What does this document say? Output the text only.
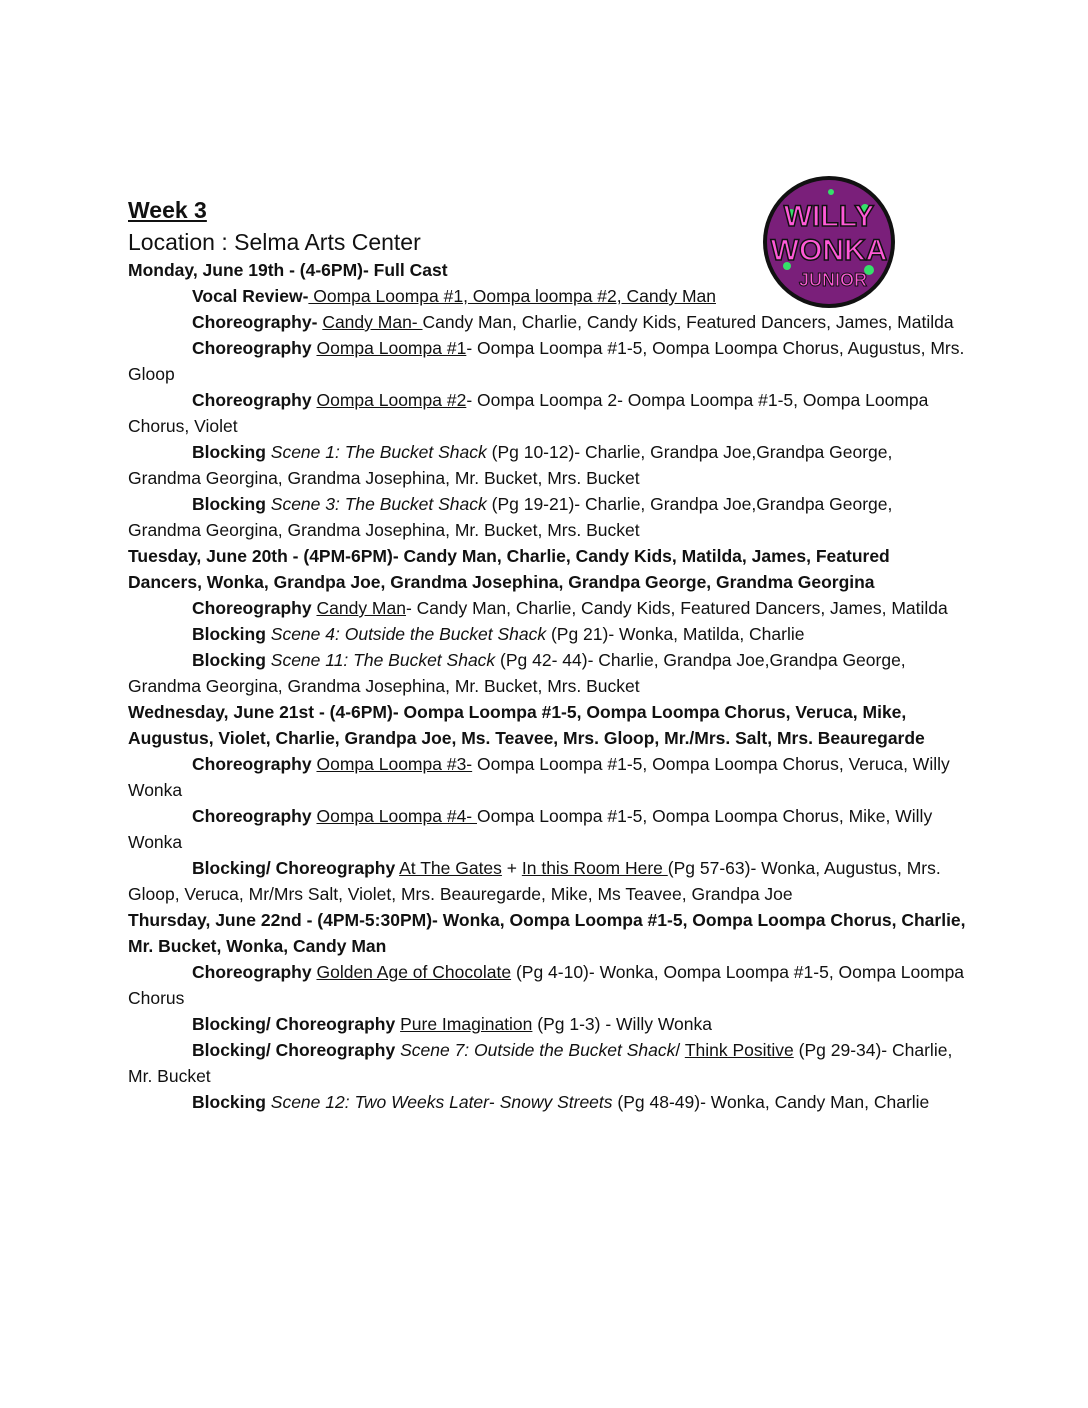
WILLY
WONKA
JUNIOR
Week 3
Location : Selma Arts Center
Monday, June 19th - (4-6PM)- Full Cast
Vocal Review- Oompa Loompa #1, Oompa loompa #2, Candy Man
Choreography- Candy Man- Candy Man, Charlie, Candy Kids, Featured Dancers, James, Matilda
Choreography Oompa Loompa #1- Oompa Loompa #1-5, Oompa Loompa Chorus, Augustus, Mrs. Gloop
Choreography Oompa Loompa #2- Oompa Loompa 2- Oompa Loompa #1-5, Oompa Loompa Chorus, Violet
Blocking Scene 1: The Bucket Shack (Pg 10-12)- Charlie, Grandpa Joe,Grandpa George, Grandma Georgina, Grandma Josephina, Mr. Bucket, Mrs. Bucket
Blocking Scene 3: The Bucket Shack (Pg 19-21)- Charlie, Grandpa Joe,Grandpa George, Grandma Georgina, Grandma Josephina, Mr. Bucket, Mrs. Bucket
Tuesday, June 20th - (4PM-6PM)- Candy Man, Charlie, Candy Kids, Matilda, James, Featured Dancers, Wonka, Grandpa Joe, Grandma Josephina, Grandpa George, Grandma Georgina
Choreography Candy Man- Candy Man, Charlie, Candy Kids, Featured Dancers, James, Matilda
Blocking Scene 4: Outside the Bucket Shack (Pg 21)- Wonka, Matilda, Charlie
Blocking Scene 11: The Bucket Shack (Pg 42- 44)- Charlie, Grandpa Joe,Grandpa George, Grandma Georgina, Grandma Josephina, Mr. Bucket, Mrs. Bucket
Wednesday, June 21st - (4-6PM)- Oompa Loompa #1-5, Oompa Loompa Chorus, Veruca, Mike, Augustus, Violet, Charlie, Grandpa Joe, Ms. Teavee, Mrs. Gloop, Mr./Mrs. Salt, Mrs. Beauregarde
Choreography Oompa Loompa #3- Oompa Loompa #1-5, Oompa Loompa Chorus, Veruca, Willy Wonka
Choreography Oompa Loompa #4- Oompa Loompa #1-5, Oompa Loompa Chorus, Mike, Willy Wonka
Blocking/ Choreography At The Gates + In this Room Here (Pg 57-63)- Wonka, Augustus, Mrs. Gloop, Veruca, Mr/Mrs Salt, Violet, Mrs. Beauregarde, Mike, Ms Teavee, Grandpa Joe
Thursday, June 22nd - (4PM-5:30PM)- Wonka, Oompa Loompa #1-5, Oompa Loompa Chorus, Charlie, Mr. Bucket, Wonka, Candy Man
Choreography Golden Age of Chocolate (Pg 4-10)- Wonka, Oompa Loompa #1-5, Oompa Loompa Chorus
Blocking/ Choreography Pure Imagination (Pg 1-3) - Willy Wonka
Blocking/ Choreography Scene 7: Outside the Bucket Shack/ Think Positive (Pg 29-34)- Charlie, Mr. Bucket
Blocking Scene 12: Two Weeks Later- Snowy Streets (Pg 48-49)- Wonka, Candy Man, Charlie
